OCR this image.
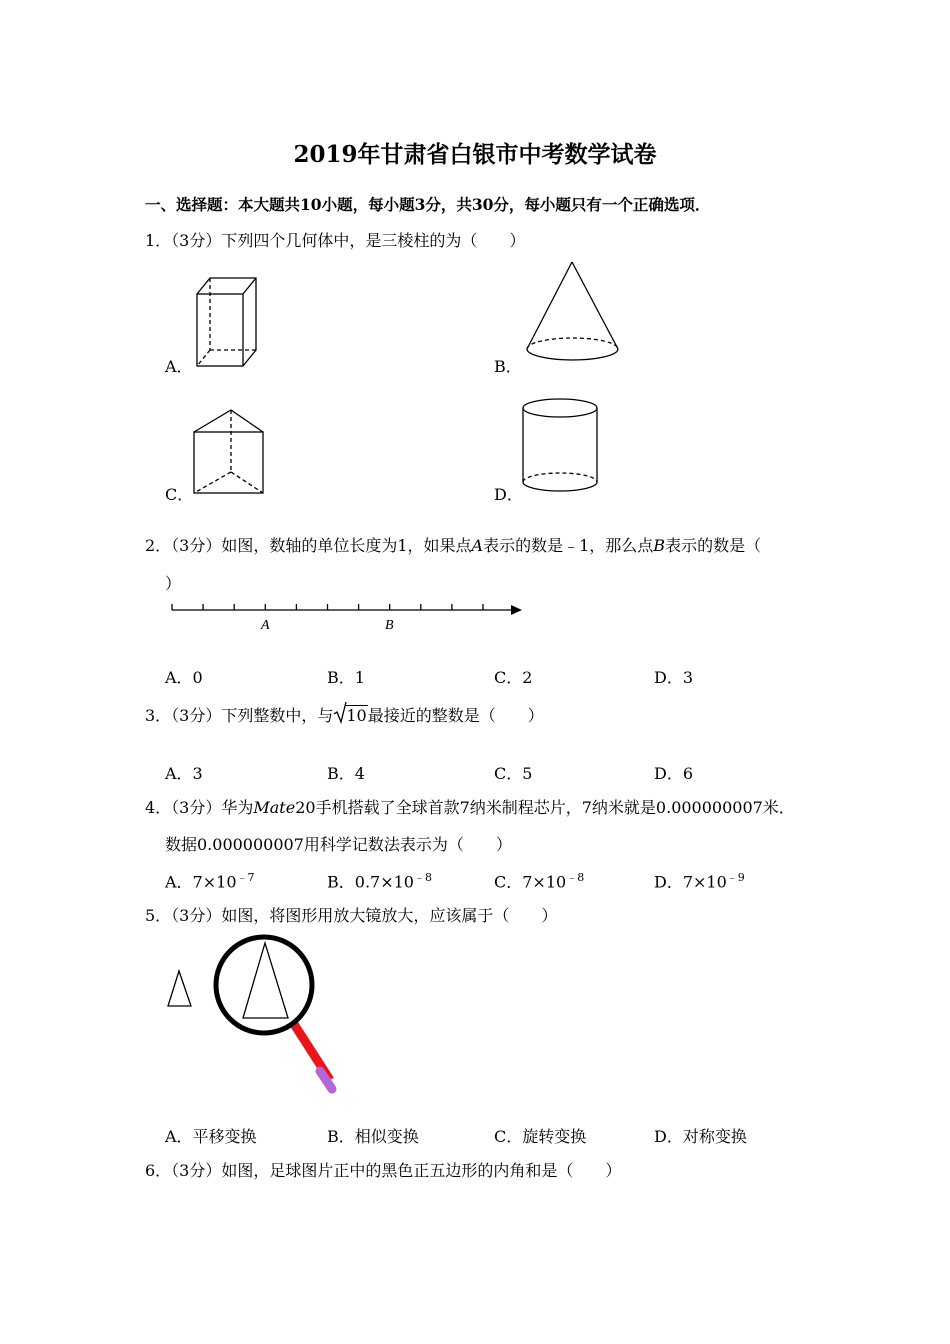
2019年甘肃省白银市中考数学试卷
一、选择题：本大题共10小题，每小题3分，共30分，每小题只有一个正确选项．
1．（3分）下列四个几何体中，是三棱柱的为（　　）
A．	B．
C．	D．
2．（3分）如图，数轴的单位长度为1，如果点A表示的数是﹣1，那么点B表示的数是（
）
A	B
A．0	B．1	C．2	D．3
3．（3分）下列整数中，与 10最接近的整数是（　　）
A．3	B．4	C．5	D．6
4．（3分）华为Mate20手机搭载了全球首款7纳米制程芯片，7纳米就是0.000000007米．
数据0.000000007用科学记数法表示为（　　）
A．$7\times 10^{﹣7}$	B．$0.7\times 10^{﹣8}$	C．$7\times 10^{﹣8}$	D．$7\times 10^{﹣9}$
5．（3分）如图，将图形用放大镜放大，应该属于（　　）
A．平移变换	B．相似变换	C．旋转变换	D．对称变换
6．（3分）如图，足球图片正中的黑色正五边形的内角和是（　　）
